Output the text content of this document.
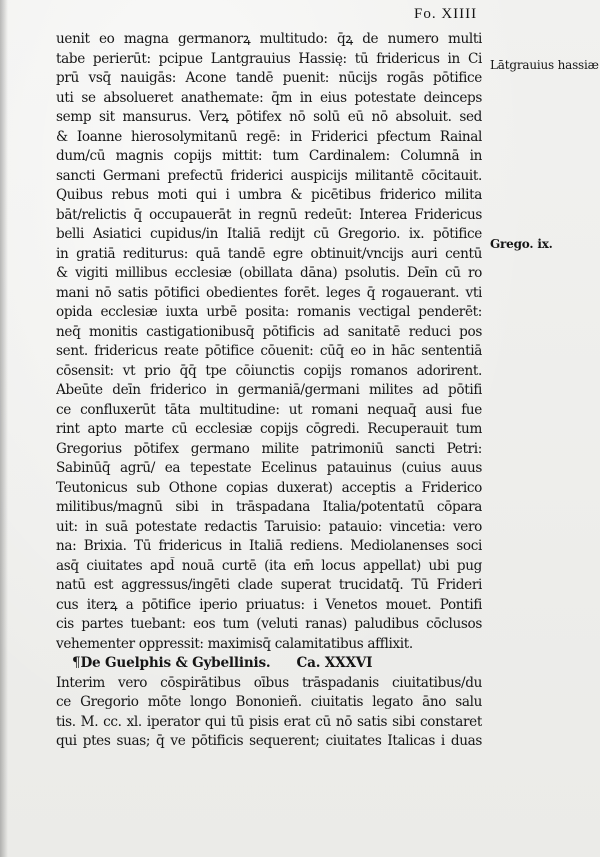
Fo. XIIII
Lātgrauius hassiæ
Grego. ix.
uenit eo magna germanorꝝ multitudo: q̄ꝝ de numero multi
tabe perierūt: pcipue Lantgrauius Hassię: tū fridericus in Ci
prū vsq̄ nauigās: Acone tandē puenit: nūcijs rogās pōtifice
uti se absolueret anathemate: q̄m in eius potestate deinceps
semp sit mansurus. Verꝝ pōtifex nō solū eū nō absoluit. sed
& Ioanne hierosolymitanū regē: in Friderici pfectum Rainal
dum/cū magnis copijs mittit: tum Cardinalem: Columnā in
sancti Germani prefectū friderici auspicijs militantē cōcitauit.
Quibus rebus moti qui i umbra & picētibus friderico milita
bāt/relictis q̄ occupauerāt in regnū redeūt: Interea Fridericus
belli Asiatici cupidus/in Italiā redijt cū Gregorio. ix. pōtifice
in gratiā rediturus: quā tandē egre obtinuit/vncijs auri centū
& vigiti millibus ecclesiæ (obillata dāna) psolutis. Deīn cū ro
mani nō satis pōtifici obedientes forēt. leges q̄ rogauerant. vti
opida ecclesiæ iuxta urbē posita: romanis vectigal penderēt:
neq̄ monitis castigationibusq̄ pōtificis ad sanitatē reduci pos
sent. fridericus reate pōtifice cōuenit: cūq̄ eo in hāc sententiā
cōsensit: vt prio q̄q̄ tpe cōiunctis copijs romanos adorirent.
Abeūte deīn friderico in germaniā/germani milites ad pōtifi
ce confluxerūt tāta multitudine: ut romani nequaq̄ ausi fue
rint apto marte cū ecclesiæ copijs cōgredi. Recuperauit tum
Gregorius pōtifex germano milite patrimoniū sancti Petri:
Sabinūq̄ agrū/ ea tepestate Ecelinus patauinus (cuius auus
Teutonicus sub Othone copias duxerat) acceptis a Friderico
militibus/magnū sibi in trāspadana Italia/potentatū cōpara
uit: in suā potestate redactis Taruisio: patauio: vincetia: vero
na: Brixia. Tū fridericus in Italiā rediens. Mediolanenses soci
asq̄ ciuitates apd̄ nouā curtē (ita em̄ locus appellat) ubi pug
natū est aggressus/ingēti clade superat trucidatq̄. Tū Frideri
cus iterꝝ a pōtifice iperio priuatus: i Venetos mouet. Pontifi
cis partes tuebant: eos tum (veluti ranas) paludibus cōclusos
vehementer oppressit: maximisq̄ calamitatibus afflixit.
¶De Guelphis & Gybellinis. Ca. XXXVI
Interim vero cōspirātibus oībus trāspadanis ciuitatibus/du
ce Gregorio mōte longo Bononieñ. ciuitatis legato āno salu
tis. M. cc. xl. iperator qui tū pisis erat cū nō satis sibi constaret
qui ptes suas; q̄ ve pōtificis sequerent; ciuitates Italicas i duas
